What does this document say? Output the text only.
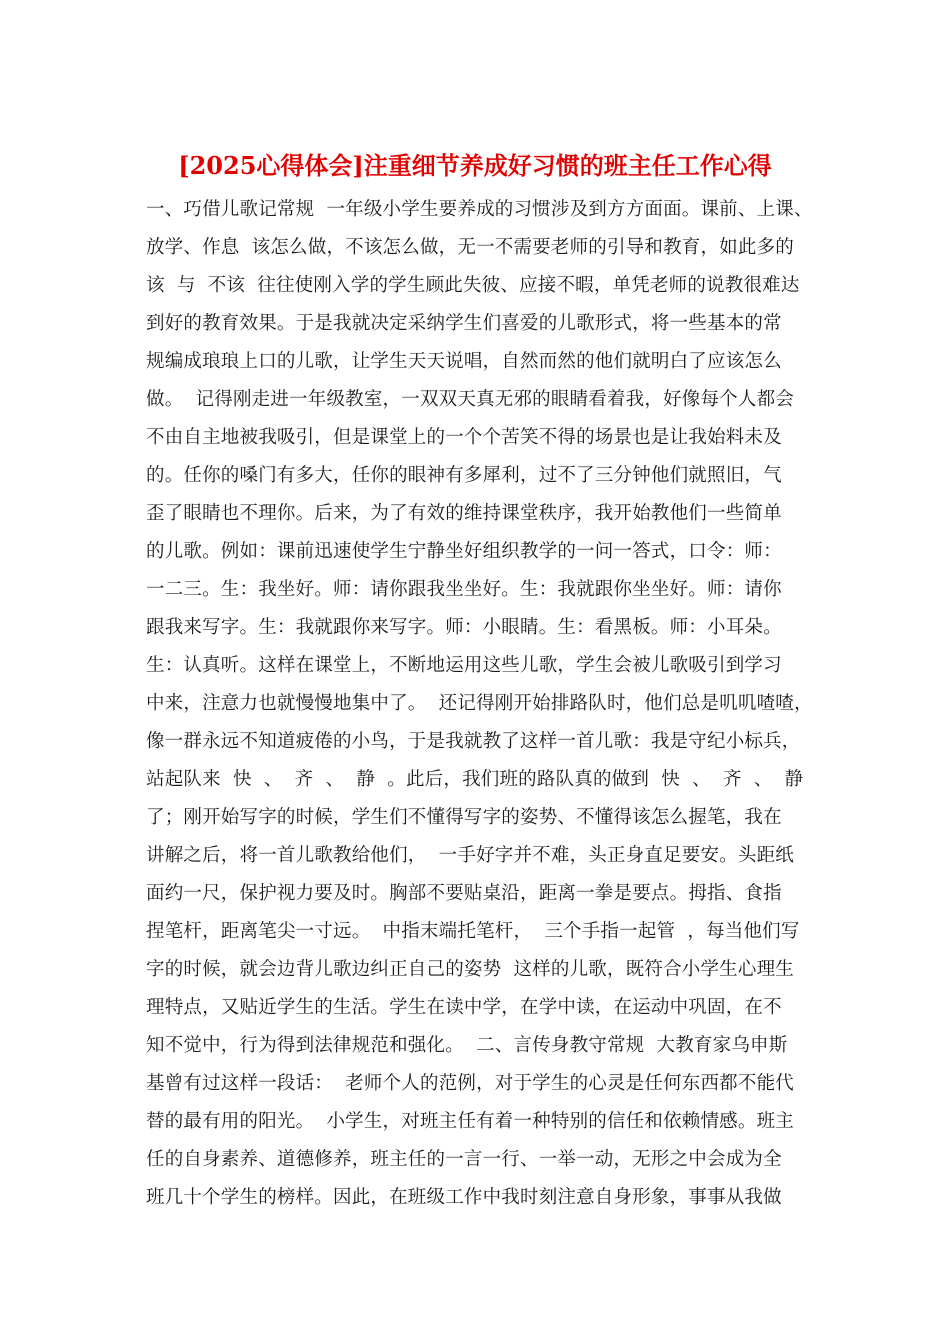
[2025心得体会]注重细节养成好习惯的班主任工作心得
一、巧借儿歌记常规  一年级小学生要养成的习惯涉及到方方面面。课前、上课、
放学、作息  该怎么做，不该怎么做，无一不需要老师的引导和教育，如此多的
该  与  不该  往往使刚入学的学生顾此失彼、应接不暇，单凭老师的说教很难达
到好的教育效果。于是我就决定采纳学生们喜爱的儿歌形式，将一些基本的常
规编成琅琅上口的儿歌，让学生天天说唱，自然而然的他们就明白了应该怎么
做。  记得刚走进一年级教室，一双双天真无邪的眼睛看着我，好像每个人都会
不由自主地被我吸引，但是课堂上的一个个苦笑不得的场景也是让我始料未及
的。任你的嗓门有多大，任你的眼神有多犀利，过不了三分钟他们就照旧，气
歪了眼睛也不理你。后来，为了有效的维持课堂秩序，我开始教他们一些简单
的儿歌。例如：课前迅速使学生宁静坐好组织教学的一问一答式，口令：师：
一二三。生：我坐好。师：请你跟我坐坐好。生：我就跟你坐坐好。师：请你
跟我来写字。生：我就跟你来写字。师：小眼睛。生：看黑板。师：小耳朵。
生：认真听。这样在课堂上，不断地运用这些儿歌，学生会被儿歌吸引到学习
中来，注意力也就慢慢地集中了。  还记得刚开始排路队时，他们总是叽叽喳喳，
像一群永远不知道疲倦的小鸟，于是我就教了这样一首儿歌：我是守纪小标兵，
站起队来  快  、  齐  、  静  。此后，我们班的路队真的做到  快  、  齐  、  静
了；刚开始写字的时候，学生们不懂得写字的姿势、不懂得该怎么握笔，我在
讲解之后，将一首儿歌教给他们，  一手好字并不难，头正身直足要安。头距纸
面约一尺，保护视力要及时。胸部不要贴桌沿，距离一拳是要点。拇指、食指
捏笔杆，距离笔尖一寸远。  中指末端托笔杆，  三个手指一起管  ，每当他们写
字的时候，就会边背儿歌边纠正自己的姿势  这样的儿歌，既符合小学生心理生
理特点，又贴近学生的生活。学生在读中学，在学中读，在运动中巩固，在不
知不觉中，行为得到法律规范和强化。  二、言传身教守常规  大教育家乌申斯
基曾有过这样一段话：  老师个人的范例，对于学生的心灵是任何东西都不能代
替的最有用的阳光。  小学生，对班主任有着一种特别的信任和依赖情感。班主
任的自身素养、道德修养，班主任的一言一行、一举一动，无形之中会成为全
班几十个学生的榜样。因此，在班级工作中我时刻注意自身形象，事事从我做
